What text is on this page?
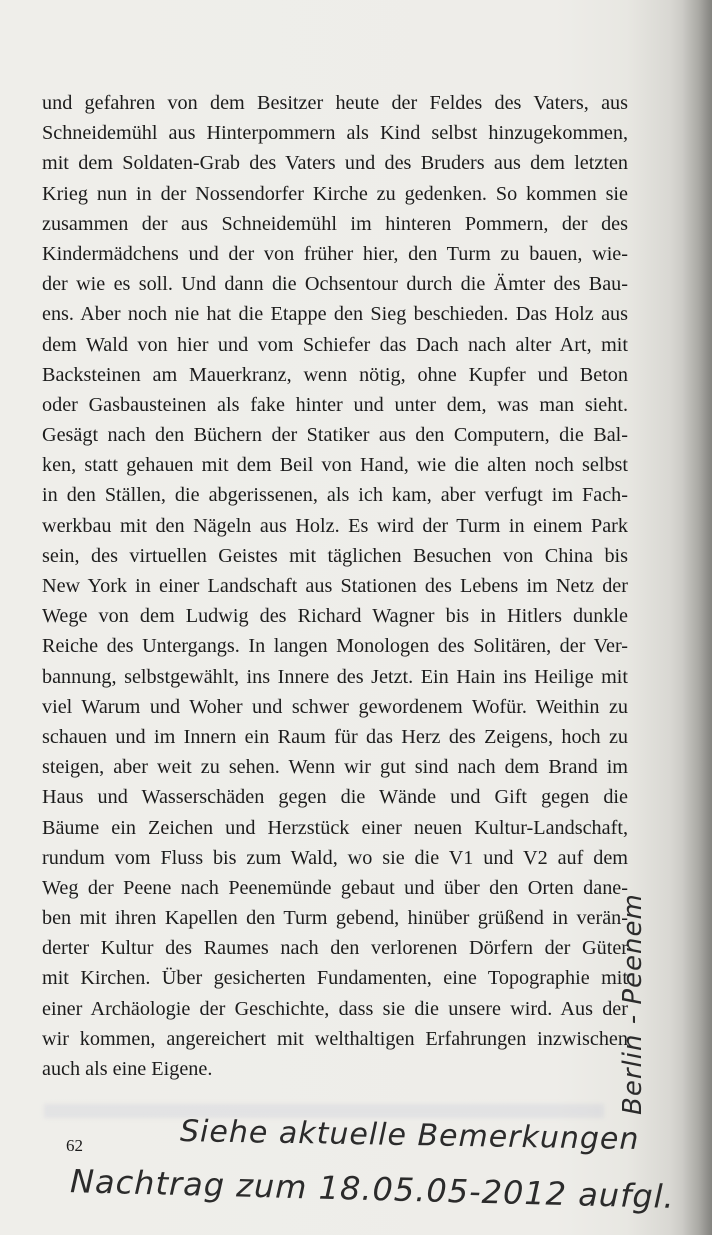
und gefahren von dem Besitzer heute der Feldes des Vaters, aus
Schneidemühl aus Hinterpommern als Kind selbst hinzugekommen,
mit dem Soldaten-Grab des Vaters und des Bruders aus dem letzten
Krieg nun in der Nossendorfer Kirche zu gedenken. So kommen sie
zusammen der aus Schneidemühl im hinteren Pommern, der des
Kindermädchens und der von früher hier, den Turm zu bauen, wie-
der wie es soll. Und dann die Ochsentour durch die Ämter des Bau-
ens. Aber noch nie hat die Etappe den Sieg beschieden. Das Holz aus
dem Wald von hier und vom Schiefer das Dach nach alter Art, mit
Backsteinen am Mauerkranz, wenn nötig, ohne Kupfer und Beton
oder Gasbausteinen als fake hinter und unter dem, was man sieht.
Gesägt nach den Büchern der Statiker aus den Computern, die Bal-
ken, statt gehauen mit dem Beil von Hand, wie die alten noch selbst
in den Ställen, die abgerissenen, als ich kam, aber verfugt im Fach-
werkbau mit den Nägeln aus Holz. Es wird der Turm in einem Park
sein, des virtuellen Geistes mit täglichen Besuchen von China bis
New York in einer Landschaft aus Stationen des Lebens im Netz der
Wege von dem Ludwig des Richard Wagner bis in Hitlers dunkle
Reiche des Untergangs. In langen Monologen des Solitären, der Ver-
bannung, selbstgewählt, ins Innere des Jetzt. Ein Hain ins Heilige mit
viel Warum und Woher und schwer gewordenem Wofür. Weithin zu
schauen und im Innern ein Raum für das Herz des Zeigens, hoch zu
steigen, aber weit zu sehen. Wenn wir gut sind nach dem Brand im
Haus und Wasserschäden gegen die Wände und Gift gegen die
Bäume ein Zeichen und Herzstück einer neuen Kultur-Landschaft,
rundum vom Fluss bis zum Wald, wo sie die V1 und V2 auf dem
Weg der Peene nach Peenemünde gebaut und über den Orten dane-
ben mit ihren Kapellen den Turm gebend, hinüber grüßend in verän-
derter Kultur des Raumes nach den verlorenen Dörfern der Güter
mit Kirchen. Über gesicherten Fundamenten, eine Topographie mit
einer Archäologie der Geschichte, dass sie die unsere wird. Aus der
wir kommen, angereichert mit welthaltigen Erfahrungen inzwischen
auch als eine Eigene.
62	Siehe aktuelle Bemerkungen
Nachtrag zum 18.05.05-2012 aufgl.
Berlin - Peenem
